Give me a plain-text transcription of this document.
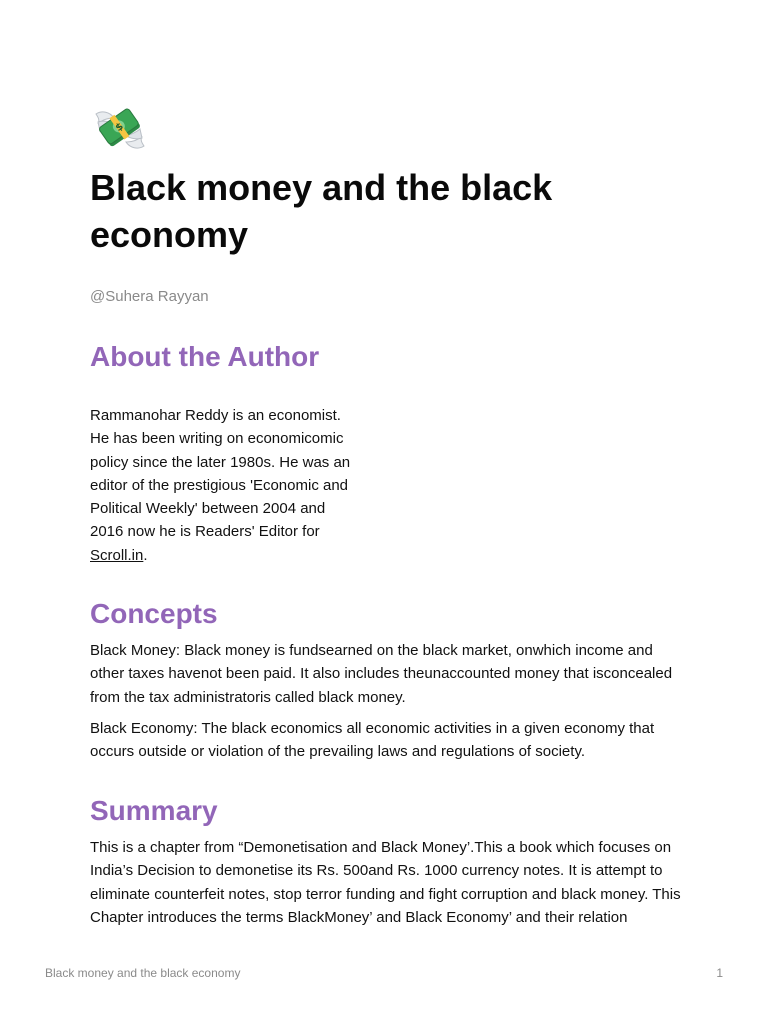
$
Black money and the black economy
@Suhera Rayyan
About the Author

Rammanohar Reddy is an economist. He has been writing on economicomic policy since the later 1980s. He was an editor of the prestigious 'Economic and Political Weekly' between 2004 and 2016 now he is Readers' Editor for Scroll.in.

Concepts

Black Money: Black money is fundsearned on the black market, onwhich income and other taxes havenot been paid. It also includes theunaccounted money that isconcealed from the tax administratoris called black money.

Black Economy: The black economics all economic activities in a given economy that occurs outside or violation of the prevailing laws and regulations of society.

Summary

This is a chapter from “Demonetisation and Black Money’.This a book which focuses on India’s Decision to demonetise its Rs. 500and Rs. 1000 currency notes. It is attempt to eliminate counterfeit notes, stop terror funding and fight corruption and black money. This Chapter introduces the terms BlackMoney’ and Black Economy’ and their relation

Black money and the black economy	1
